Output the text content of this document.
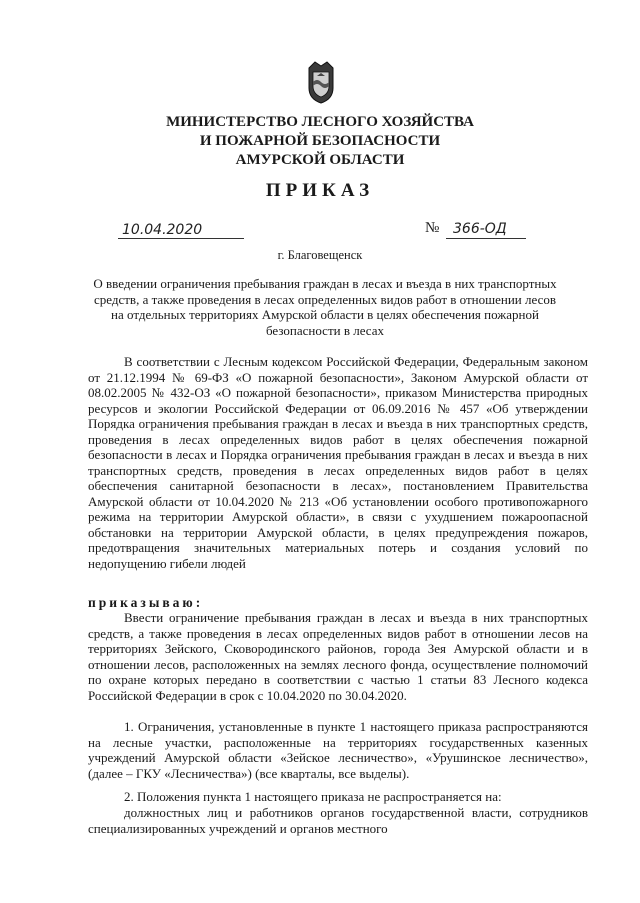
МИНИСТЕРСТВО ЛЕСНОГО ХОЗЯЙСТВА
И ПОЖАРНОЙ БЕЗОПАСНОСТИ
АМУРСКОЙ ОБЛАСТИ
ПРИКАЗ
10.04.2020	№ 366-ОД
г. Благовещенск
О введении ограничения пребывания граждан в лесах и въезда в них транспортных средств, а также проведения в лесах определенных видов работ в отношении лесов на отдельных территориях Амурской области в целях обеспечения пожарной безопасности в лесах
В соответствии с Лесным кодексом Российской Федерации, Федеральным законом от 21.12.1994 № 69-ФЗ «О пожарной безопасности», Законом Амурской области от 08.02.2005 № 432-ОЗ «О пожарной безопасности», приказом Министерства природных ресурсов и экологии Российской Федерации от 06.09.2016 № 457 «Об утверждении Порядка ограничения пребывания граждан в лесах и въезда в них транспортных средств, проведения в лесах определенных видов работ в целях обеспечения пожарной безопасности в лесах и Порядка ограничения пребывания граждан в лесах и въезда в них транспортных средств, проведения в лесах определенных видов работ в целях обеспечения санитарной безопасности в лесах», постановлением Правительства Амурской области от 10.04.2020 № 213 «Об установлении особого противопожарного режима на территории Амурской области», в связи с ухудшением пожароопасной обстановки на территории Амурской области, в целях предупреждения пожаров, предотвращения значительных материальных потерь и создания условий по недопущению гибели людей
приказываю:
Ввести ограничение пребывания граждан в лесах и въезда в них транспортных средств, а также проведения в лесах определенных видов работ в отношении лесов на территориях Зейского, Сковородинского районов, города Зея Амурской области и в отношении лесов, расположенных на землях лесного фонда, осуществление полномочий по охране которых передано в соответствии с частью 1 статьи 83 Лесного кодекса Российской Федерации в срок с 10.04.2020 по 30.04.2020.
1. Ограничения, установленные в пункте 1 настоящего приказа распространяются на лесные участки, расположенные на территориях государственных казенных учреждений Амурской области «Зейское лесничество», «Урушинское лесничество», (далее – ГКУ «Лесничества») (все кварталы, все выделы).
2. Положения пункта 1 настоящего приказа не распространяется на:
должностных лиц и работников органов государственной власти, сотрудников специализированных учреждений и органов местного
